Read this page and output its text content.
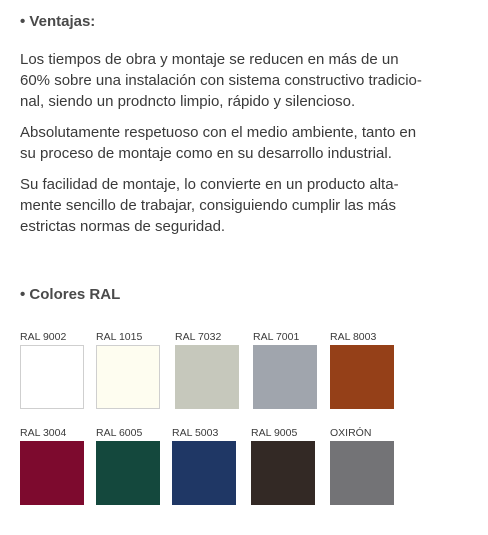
• Ventajas:

Los tiempos de obra y montaje se reducen en más de un
60% sobre una instalación con sistema constructivo tradicio-
nal, siendo un prodncto limpio, rápido y silencioso.

Absolutamente respetuoso con el medio ambiente, tanto en
su proceso de montaje como en su desarrollo industrial.

Su facilidad de montaje, lo convierte en un producto alta-
mente sencillo de trabajar, consiguiendo cumplir las más
estrictas normas de seguridad.

• Colores RAL
RAL 9002	RAL 1015	RAL 7032	RAL 7001	RAL 8003
RAL 3004	RAL 6005	RAL 5003	RAL 9005	OXIRÓN
